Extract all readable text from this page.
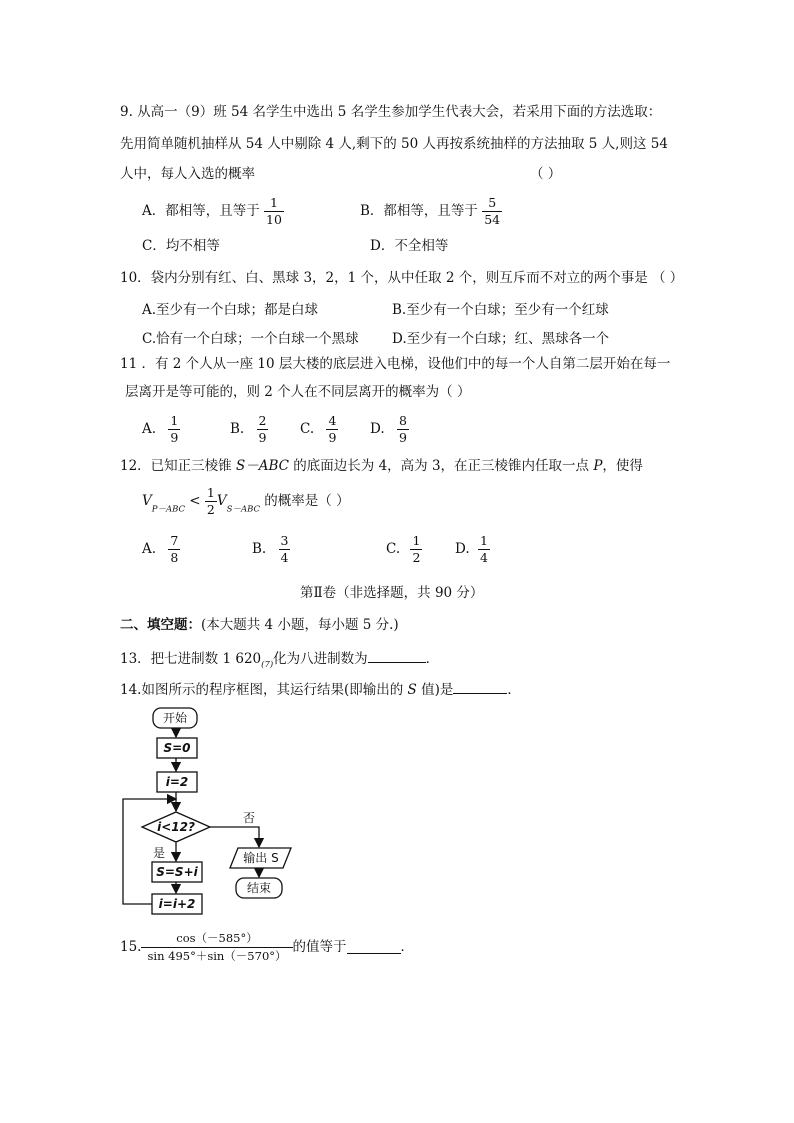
9. 从高一（9）班 54 名学生中选出 5 名学生参加学生代表大会，若采用下面的方法选取：
先用简单随机抽样从 54 人中剔除 4 人,剩下的 50 人再按系统抽样的方法抽取 5 人,则这 54
人中，每人入选的概率	（ ）
A．都相等，且等于 $\frac{1}{10}$	B．都相等，且等于 $\frac{5}{54}$
C．均不相等	D．不全相等
10．袋内分别有红、白、黑球 3，2，1 个，从中任取 2 个，则互斥而不对立的两个事是 （ ）
A.至少有一个白球；都是白球	B.至少有一个白球；至少有一个红球
C.恰有一个白球；一个白球一个黑球 D.至少有一个白球；红、黑球各一个
11 ．有 2 个人从一座 10 层大楼的底层进入电梯，设他们中的每一个人自第二层开始在每一
层离开是等可能的，则 2 个人在不同层离开的概率为（ ）
A. $\frac{1}{9}$	B. $\frac{2}{9} C$. $\frac{4}{9} D$. $\frac{8}{9}$
12．已知正三棱锥 S－ABC 的底面边长为 4，高为 3，在正三棱锥内任取一点 P，使得
$V_{P-ABC} < \frac{1}{2} V_{S-ABC}$ 的概率是（ ）
A. $\frac{7}{8}$	B. $\frac{3}{4}$	C. $\frac{1}{2} D$. $\frac{1}{4}$
第Ⅱ卷（非选择题，共 90 分）
二、填空题：(本大题共 4 小题，每小题 5 分.)
13．把七进制数 1 $620_{(7)}$化为八进制数为	．
14.如图所示的程序框图，其运行结果(即输出的 S 值)是	．
开始
S=0
i=2
i<12?
否
是
S=S+i
i=i+2
输出 S
结束
15. $\frac{\cos(-585^\circ)}{\sin 495^\circ+\sin(-570^\circ)}$ 的值等于	．
